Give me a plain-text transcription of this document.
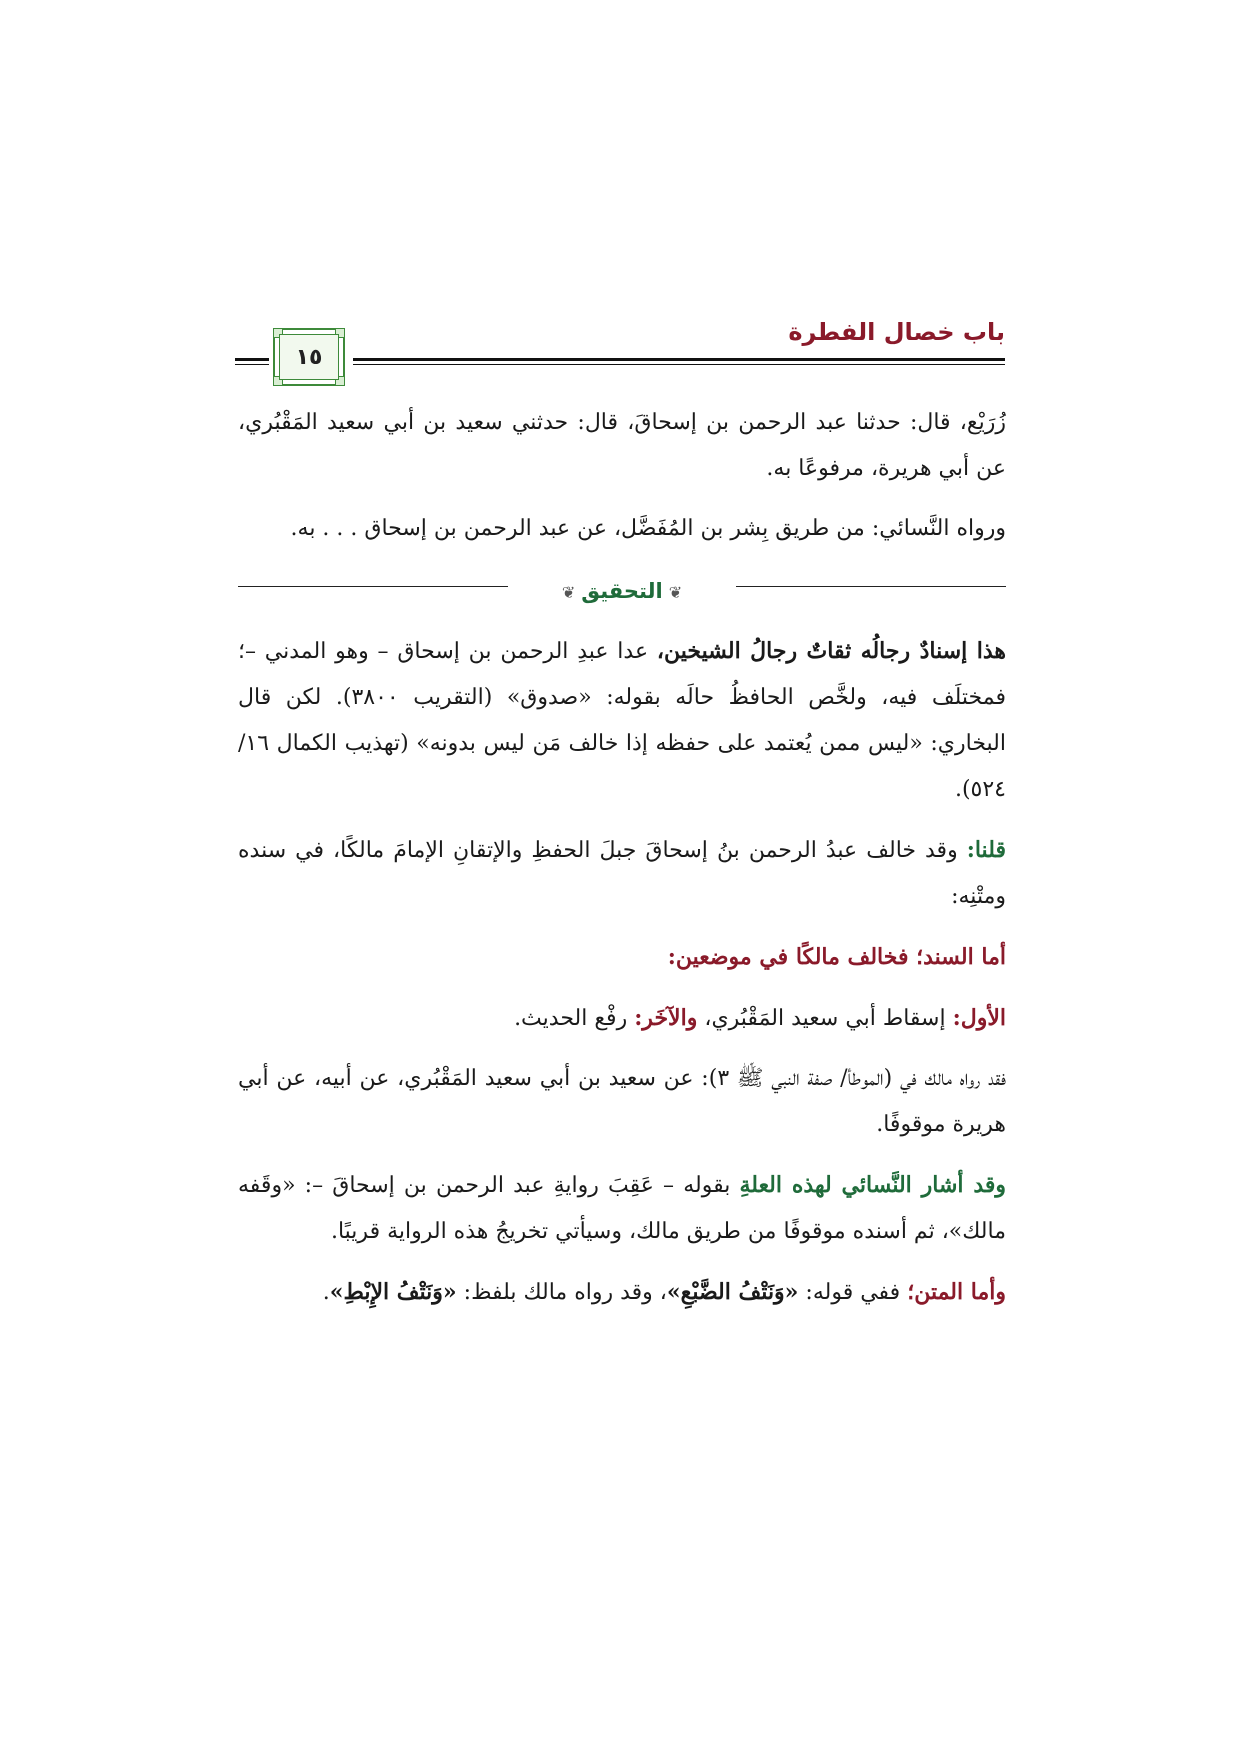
باب خصال الفطرة
١٥

زُرَيْع، قال: حدثنا عبد الرحمن بن إسحاقَ، قال: حدثني سعيد بن أبي سعيد المَقْبُري، عن أبي هريرة، مرفوعًا به.

ورواه النَّسائي: من طريق بِشر بن المُفَضَّل، عن عبد الرحمن بن إسحاق . . . به.

❦التحقيق❦

هذا إسنادٌ رجالُه ثقاتٌ رجالُ الشيخين، عدا عبدِ الرحمن بن إسحاق – وهو المدني –؛ فمختلَف فيه، ولخَّص الحافظُ حالَه بقوله: «صدوق» (التقريب ٣٨٠٠). لكن قال البخاري: «ليس ممن يُعتمد على حفظه إذا خالف مَن ليس بدونه» (تهذيب الكمال ١٦/ ٥٢٤).

قلنا: وقد خالف عبدُ الرحمن بنُ إسحاقَ جبلَ الحفظِ والإتقانِ الإمامَ مالكًا، في سنده ومتْنِه:

أما السند؛ فخالف مالكًا في موضعين:

الأول: إسقاط أبي سعيد المَقْبُري، والآخَر: رفْع الحديث.

فقد رواه مالك في (الموطأ/ صفة النبي ﷺ ٣): عن سعيد بن أبي سعيد المَقْبُري، عن أبيه، عن أبي هريرة موقوفًا.

وقد أشار النَّسائي لهذه العلةِ بقوله – عَقِبَ روايةِ عبد الرحمن بن إسحاقَ –: «وقَفه مالك»، ثم أسنده موقوفًا من طريق مالك، وسيأتي تخريجُ هذه الرواية قريبًا.

وأما المتن؛ ففي قوله: «وَنَتْفُ الضَّبْعِ»، وقد رواه مالك بلفظ: «وَنَتْفُ الإِبْطِ».
